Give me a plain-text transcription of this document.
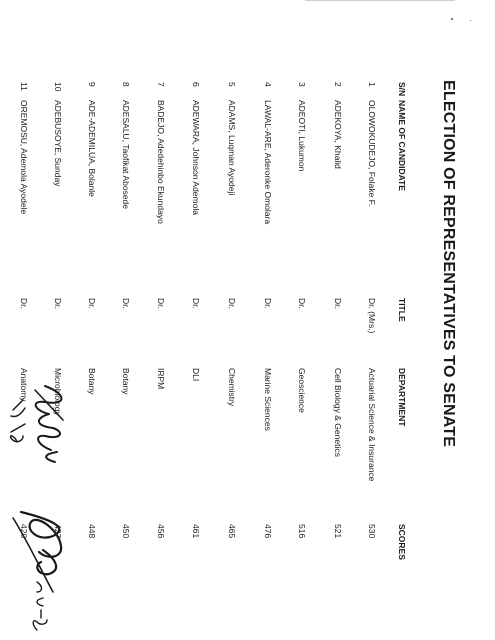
ELECTION OF REPRESENTATIVES TO SENATE
S/N
NAME OF CANDIDATE
TITLE
DEPARTMENT
SCORES
1
OLOWOKUDEJO, Folake F.
Dr. (Mrs.)
Actuarial Science & Insurance
530
2
ADEKOYA, Khalid
Dr.
Cell Biology & Genetics
521
3
ADEOTI, Lukumon
Dr.
Geoscience
516
4
LAWAL-ARE, Aderonke Omolara
Dr.
Marine Sciences
476
5
ADAMS, Luqman Ayodeji
Dr.
Chemistry
465
6
ADEWARA, Johnson Ademola
Dr.
DLI
461
7
BADEJO, Adedehinbo Ekundayo
Dr.
IRPM
456
8
ADESALU, Taofikat Abosede
Dr.
Botany
450
9
ADE-ADEMILUA, Bolanle
Dr.
Botany
448
10
ADEBUSOYE, Sunday
Dr.
Microbiology
427
11
OREMOSU, Ademola Ayodele
Dr.
Anatomy
420
